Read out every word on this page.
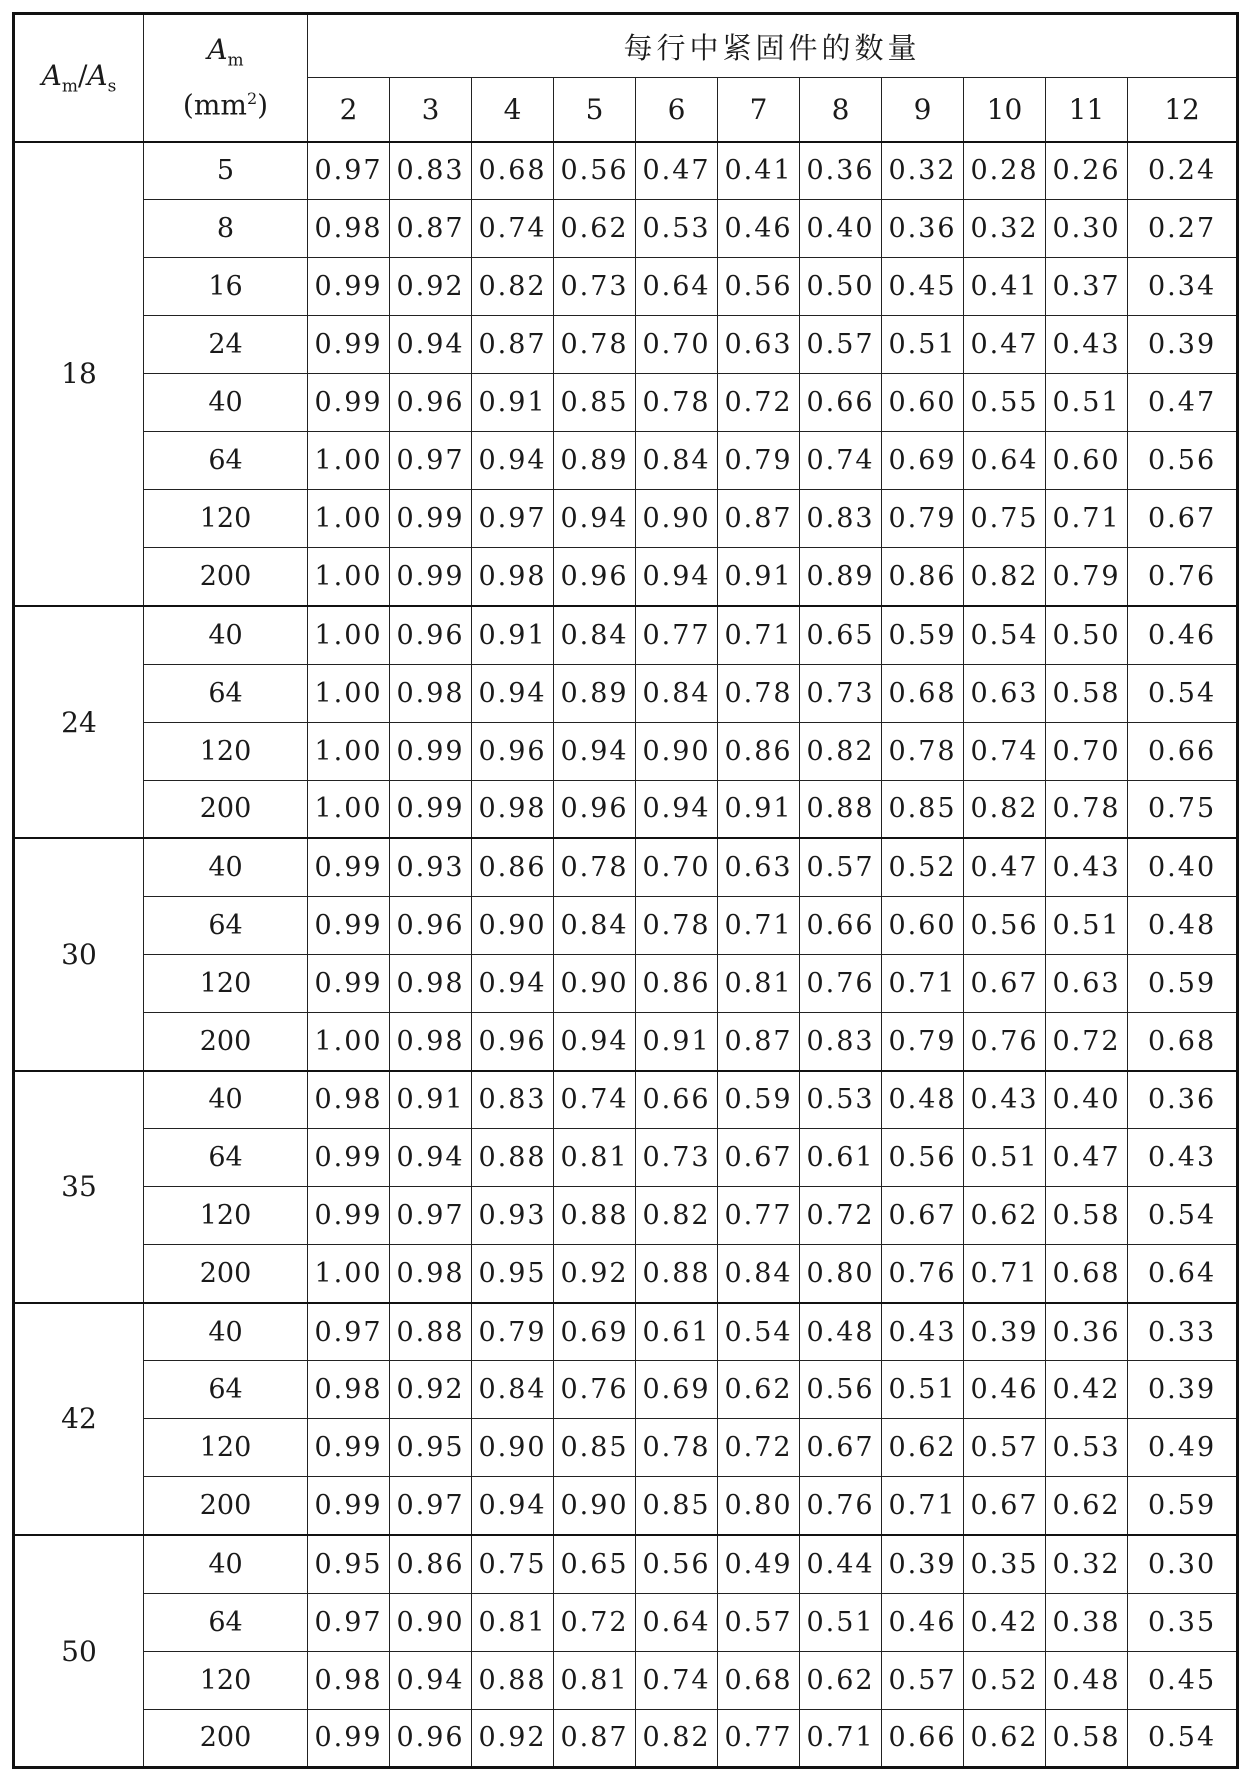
$A_m/A_s$	$A_m$
$(mm^2)$	每行中紧固件的数量										
		2	3	4	5	6	7	8	9	10	11	12
18	5	0.97	0.83	0.68	0.56	0.47	0.41	0.36	0.32	0.28	0.26	0.24
	8	0.98	0.87	0.74	0.62	0.53	0.46	0.40	0.36	0.32	0.30	0.27
	16	0.99	0.92	0.82	0.73	0.64	0.56	0.50	0.45	0.41	0.37	0.34
	24	0.99	0.94	0.87	0.78	0.70	0.63	0.57	0.51	0.47	0.43	0.39
	40	0.99	0.96	0.91	0.85	0.78	0.72	0.66	0.60	0.55	0.51	0.47
	64	1.00	0.97	0.94	0.89	0.84	0.79	0.74	0.69	0.64	0.60	0.56
	120	1.00	0.99	0.97	0.94	0.90	0.87	0.83	0.79	0.75	0.71	0.67
	200	1.00	0.99	0.98	0.96	0.94	0.91	0.89	0.86	0.82	0.79	0.76
24	40	1.00	0.96	0.91	0.84	0.77	0.71	0.65	0.59	0.54	0.50	0.46
	64	1.00	0.98	0.94	0.89	0.84	0.78	0.73	0.68	0.63	0.58	0.54
	120	1.00	0.99	0.96	0.94	0.90	0.86	0.82	0.78	0.74	0.70	0.66
	200	1.00	0.99	0.98	0.96	0.94	0.91	0.88	0.85	0.82	0.78	0.75
30	40	0.99	0.93	0.86	0.78	0.70	0.63	0.57	0.52	0.47	0.43	0.40
	64	0.99	0.96	0.90	0.84	0.78	0.71	0.66	0.60	0.56	0.51	0.48
	120	0.99	0.98	0.94	0.90	0.86	0.81	0.76	0.71	0.67	0.63	0.59
	200	1.00	0.98	0.96	0.94	0.91	0.87	0.83	0.79	0.76	0.72	0.68
35	40	0.98	0.91	0.83	0.74	0.66	0.59	0.53	0.48	0.43	0.40	0.36
	64	0.99	0.94	0.88	0.81	0.73	0.67	0.61	0.56	0.51	0.47	0.43
	120	0.99	0.97	0.93	0.88	0.82	0.77	0.72	0.67	0.62	0.58	0.54
	200	1.00	0.98	0.95	0.92	0.88	0.84	0.80	0.76	0.71	0.68	0.64
42	40	0.97	0.88	0.79	0.69	0.61	0.54	0.48	0.43	0.39	0.36	0.33
	64	0.98	0.92	0.84	0.76	0.69	0.62	0.56	0.51	0.46	0.42	0.39
	120	0.99	0.95	0.90	0.85	0.78	0.72	0.67	0.62	0.57	0.53	0.49
	200	0.99	0.97	0.94	0.90	0.85	0.80	0.76	0.71	0.67	0.62	0.59
50	40	0.95	0.86	0.75	0.65	0.56	0.49	0.44	0.39	0.35	0.32	0.30
	64	0.97	0.90	0.81	0.72	0.64	0.57	0.51	0.46	0.42	0.38	0.35
	120	0.98	0.94	0.88	0.81	0.74	0.68	0.62	0.57	0.52	0.48	0.45
	200	0.99	0.96	0.92	0.87	0.82	0.77	0.71	0.66	0.62	0.58	0.54
